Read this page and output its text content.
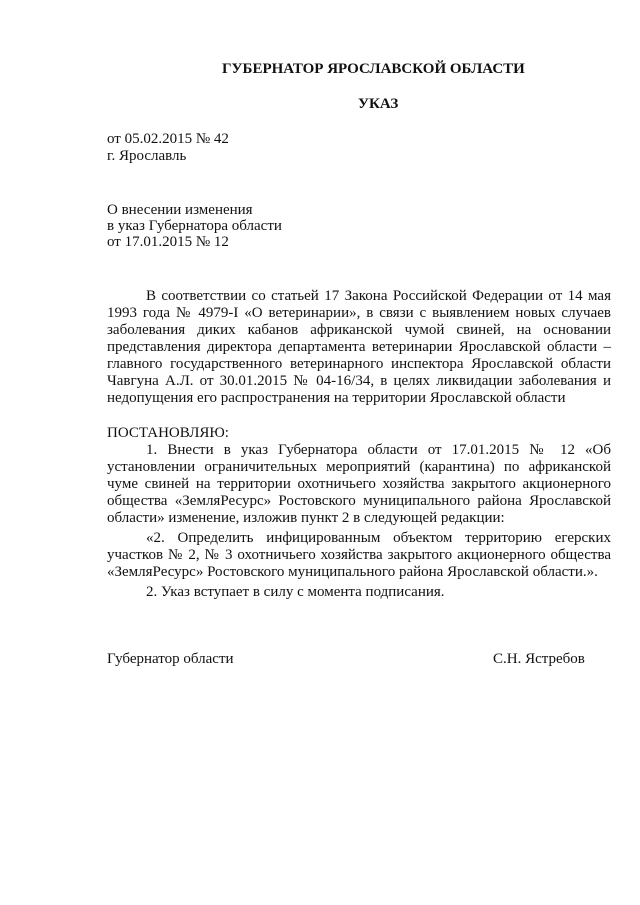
ГУБЕРНАТОР ЯРОСЛАВСКОЙ ОБЛАСТИ
УКАЗ
от 05.02.2015 № 42
г. Ярославль
О внесении изменения
в указ Губернатора области
от 17.01.2015 № 12
В соответствии со статьей 17 Закона Российской Федерации от 14 мая 1993 года № 4979-I «О ветеринарии», в связи с выявлением новых случаев заболевания диких кабанов африканской чумой свиней, на основании представления директора департамента ветеринарии Ярославской области – главного государственного ветеринарного инспектора Ярославской области Чавгуна А.Л. от 30.01.2015 № 04-16/34, в целях ликвидации заболевания и недопущения его распространения на территории Ярославской области
ПОСТАНОВЛЯЮ:
1. Внести в указ Губернатора области от 17.01.2015 № 12 «Об установлении ограничительных мероприятий (карантина) по африканской чуме свиней на территории охотничьего хозяйства закрытого акционерного общества «ЗемляРесурс» Ростовского муниципального района Ярославской области» изменение, изложив пункт 2 в следующей редакции:
«2. Определить инфицированным объектом территорию егерских участков № 2, № 3 охотничьего хозяйства закрытого акционерного общества «ЗемляРесурс» Ростовского муниципального района Ярославской области.».
2. Указ вступает в силу с момента подписания.
Губернатор области	С.Н. Ястребов
